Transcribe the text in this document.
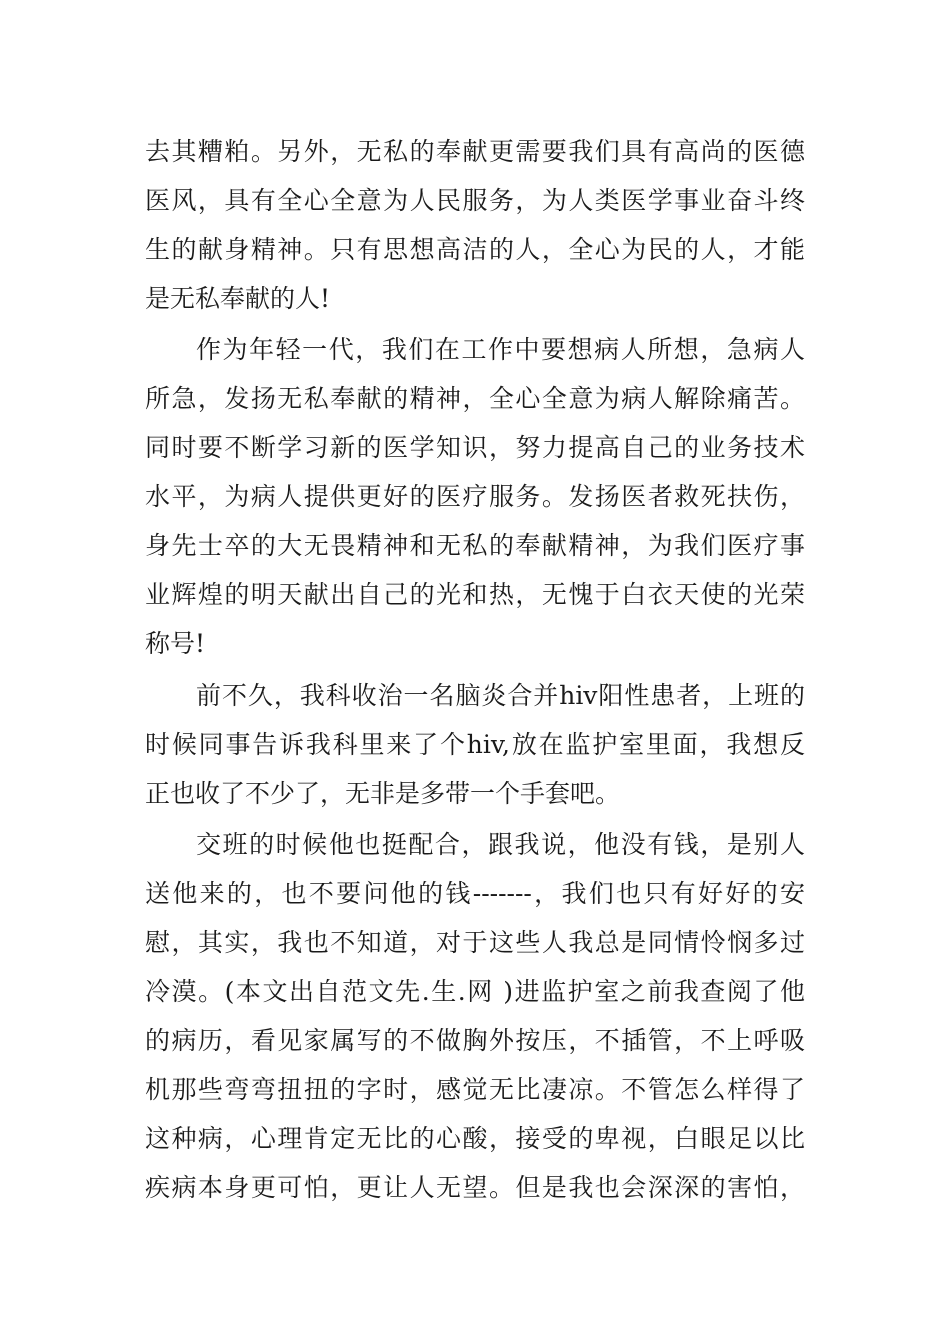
去其糟粕。另外，无私的奉献更需要我们具有高尚的医德
医风，具有全心全意为人民服务，为人类医学事业奋斗终
生的献身精神。只有思想高洁的人，全心为民的人，才能
是无私奉献的人!
作为年轻一代，我们在工作中要想病人所想，急病人
所急，发扬无私奉献的精神，全心全意为病人解除痛苦。
同时要不断学习新的医学知识，努力提高自己的业务技术
水平，为病人提供更好的医疗服务。发扬医者救死扶伤，
身先士卒的大无畏精神和无私的奉献精神，为我们医疗事
业辉煌的明天献出自己的光和热，无愧于白衣天使的光荣
称号!
前不久，我科收治一名脑炎合并hiv阳性患者，上班的
时候同事告诉我科里来了个hiv,放在监护室里面，我想反
正也收了不少了，无非是多带一个手套吧。
交班的时候他也挺配合，跟我说，他没有钱，是别人
送他来的，也不要问他的钱-------，我们也只有好好的安
慰，其实，我也不知道，对于这些人我总是同情怜悯多过
冷漠。(本文出自范文先.生.网 )进监护室之前我查阅了他
的病历，看见家属写的不做胸外按压，不插管，不上呼吸
机那些弯弯扭扭的字时，感觉无比凄凉。不管怎么样得了
这种病，心理肯定无比的心酸，接受的卑视，白眼足以比
疾病本身更可怕，更让人无望。但是我也会深深的害怕，
